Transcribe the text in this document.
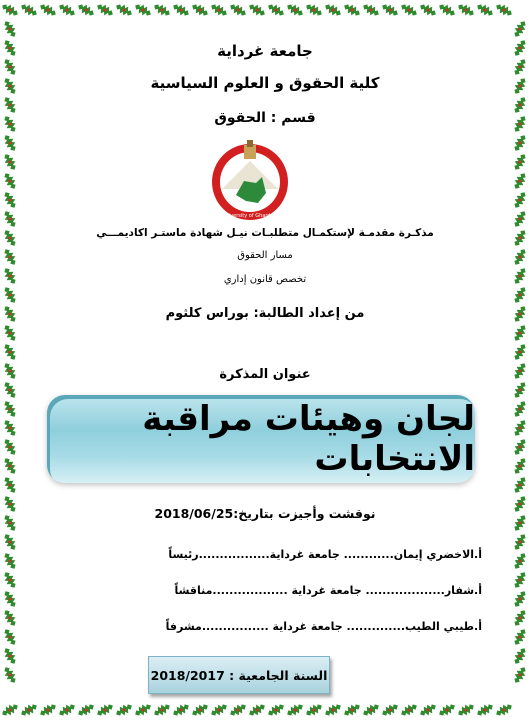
جامعة غرداية
كلية الحقوق و العلوم السياسية
قسم : الحقوق
University of Ghardaia
مذكـرة مقدمـة لإستكمـال متطلبـات نيـل شهادة ماستـر اكاديمـــي
مسار الحقوق
تخصص قانون إداري
من إعداد الطالبة: بوراس كلثوم
عنوان المذكرة
لجان وهيئات مراقبة الانتخابات
نوقشت وأجيزت بتاريخ:2018/06/25
أ.الاخضري إيمان............ جامعة غرداية.................رئيساً
أ.شفار................... جامعة غرداية ..................مناقشاً
أ.طيبي الطيب.............. جامعة غرداية ................مشرفاً
السنة الجامعية : 2018/2017
